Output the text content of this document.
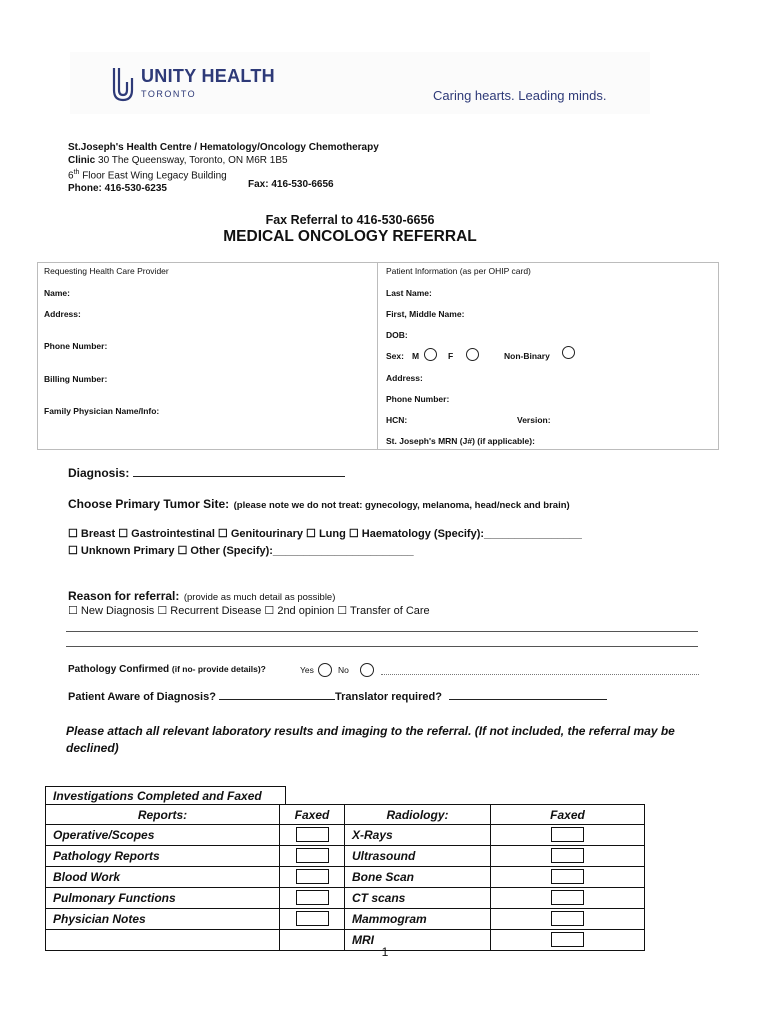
UNITY HEALTH
TORONTO	Caring hearts. Leading minds.
St.Joseph's Health Centre / Hematology/Oncology Chemotherapy
Clinic 30 The Queensway, Toronto, ON M6R 1B5
6th Floor East Wing Legacy Building
Phone: 416-530-6235	Fax: 416-530-6656
Fax Referral to 416-530-6656
MEDICAL ONCOLOGY REFERRAL
Requesting Health Care Provider
Name:
Address:
Phone Number:
Billing Number:
Family Physician Name/Info:
Patient Information (as per OHIP card)
Last Name:
First, Middle Name:
DOB:
Sex: M	F	Non-Binary
Address:
Phone Number:
HCN:	Version:
St. Joseph's MRN (J#) (if applicable):
Diagnosis:
Choose Primary Tumor Site: (please note we do not treat: gynecology, melanoma, head/neck and brain)
☐ Breast ☐ Gastrointestinal ☐ Genitourinary ☐ Lung ☐ Haematology (Specify):________________
☐ Unknown Primary ☐ Other (Specify):_______________________
Reason for referral: (provide as much detail as possible)
☐ New Diagnosis ☐ Recurrent Disease ☐ 2nd opinion ☐ Transfer of Care
Pathology Confirmed (if no- provide details)?	Yes	No
Patient Aware of Diagnosis?	Translator required?
Please attach all relevant laboratory results and imaging to the referral. (If not included, the referral may be declined)
Investigations Completed and Faxed
Reports:	Faxed	Radiology:	Faxed
Operative/Scopes		X-Rays	
Pathology Reports		Ultrasound	
Blood Work		Bone Scan	
Pulmonary Functions		CT scans	
Physician Notes		Mammogram	
		MRI	
1
